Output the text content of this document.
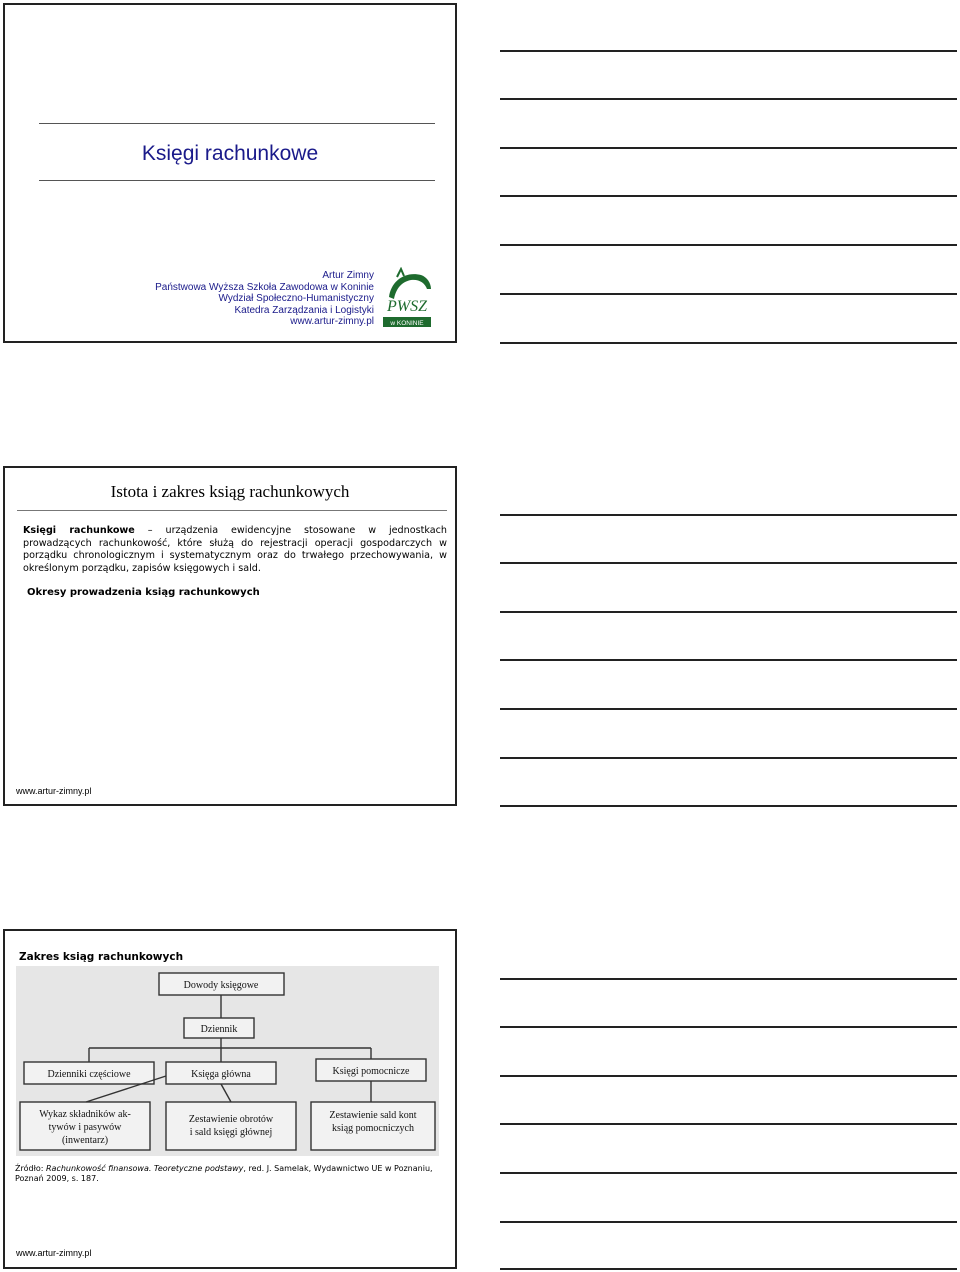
Księgi rachunkowe
Artur Zimny
Państwowa Wyższa Szkoła Zawodowa w Koninie
Wydział Społeczno-Humanistyczny
Katedra Zarządzania i Logistyki
www.artur-zimny.pl
PWSZ
w KONINIE
Istota i zakres ksiąg rachunkowych
Księgi rachunkowe – urządzenia ewidencyjne stosowane w jednostkach prowadzących rachunkowość, które służą do rejestracji operacji gospodarczych w porządku chronologicznym i systematycznym oraz do trwałego przechowywania, w określonym porządku, zapisów księgowych i sald.
Okresy prowadzenia ksiąg rachunkowych
www.artur-zimny.pl
Zakres ksiąg rachunkowych
Dowody księgowe
Dziennik
Dzienniki częściowe	Księga główna	Księgi pomocnicze
Wykaz składników ak-
tywów i pasywów
(inwentarz)
Zestawienie obrotów
i sald księgi głównej
Zestawienie sald kont
ksiąg pomocniczych
Źródło: Rachunkowość finansowa. Teoretyczne podstawy, red. J. Samelak, Wydawnictwo UE w Poznaniu, Poznań 2009, s. 187.
www.artur-zimny.pl
